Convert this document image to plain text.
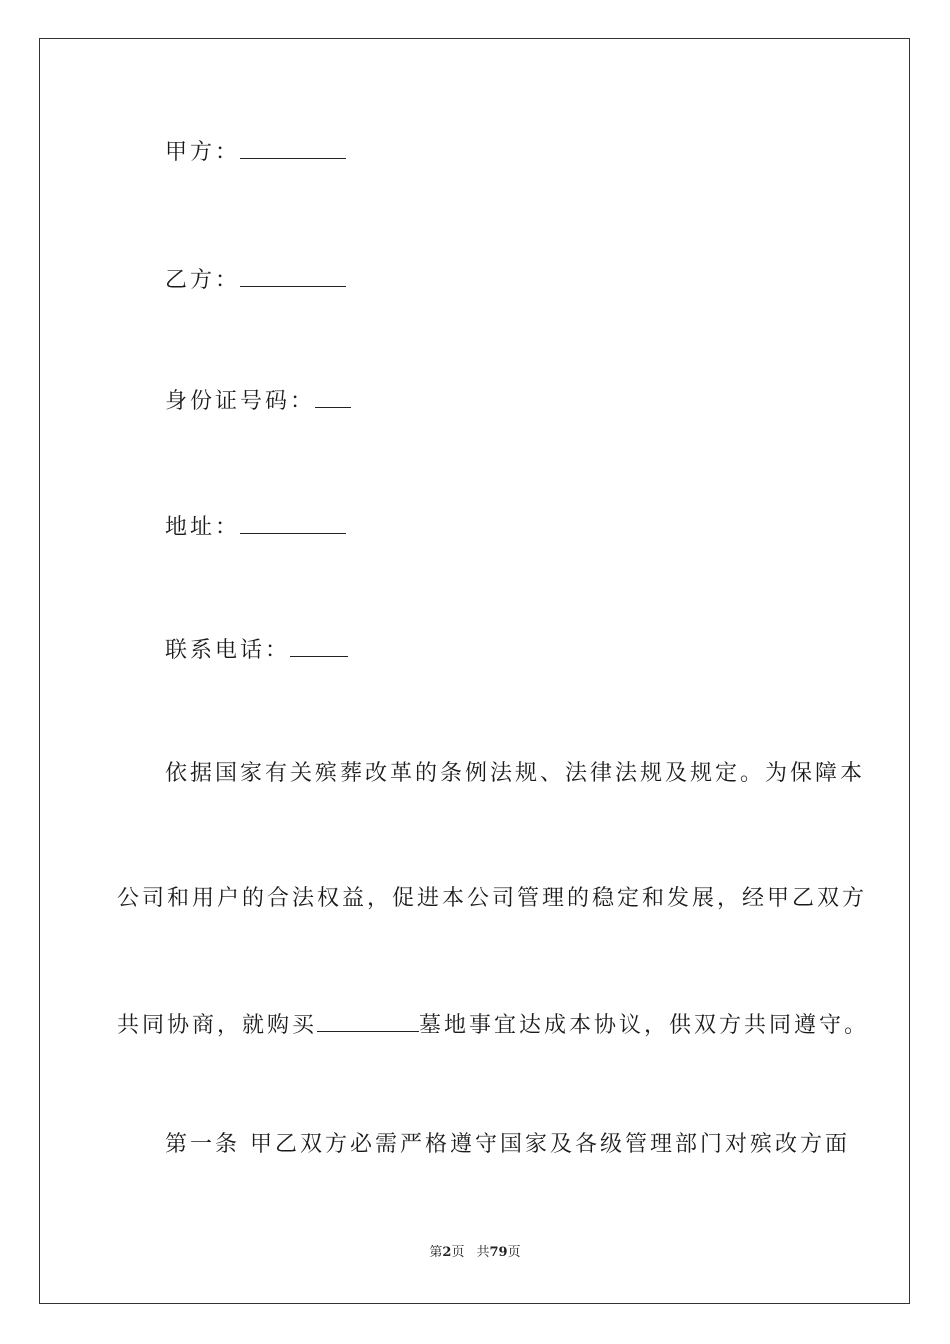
甲方：
乙方：
身份证号码：
地址：
联系电话：
依据国家有关殡葬改革的条例法规、法律法规及规定。为保障本
公司和用户的合法权益，促进本公司管理的稳定和发展，经甲乙双方
共同协商，就购买	墓地事宜达成本协议，供双方共同遵守。
第一条 甲乙双方必需严格遵守国家及各级管理部门对殡改方面
第2页 共79页
